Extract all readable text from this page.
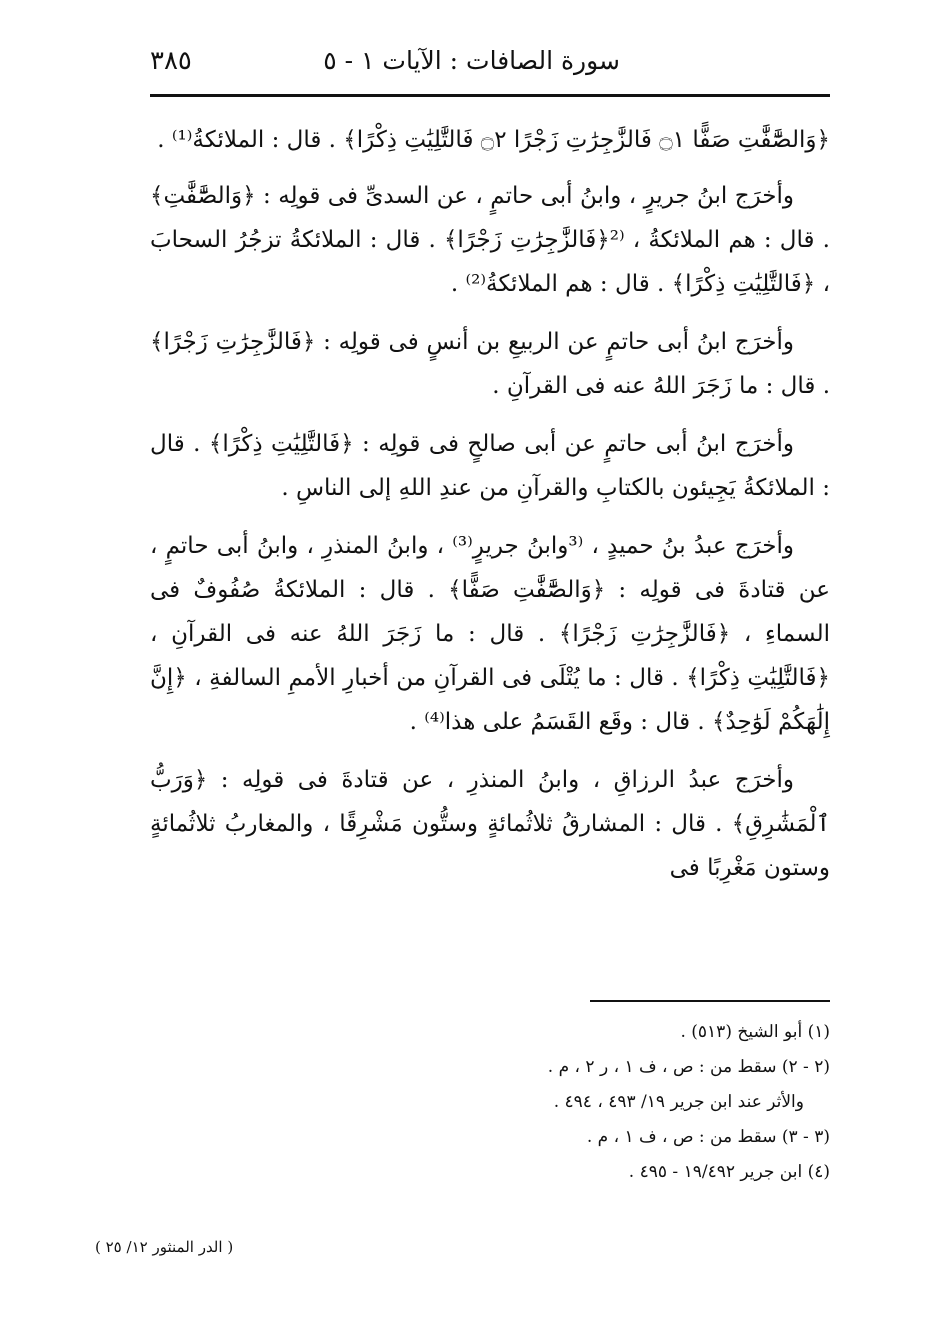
سورة الصافات : الآيات ١ - ٥
٣٨٥

﴿وَالصَّٰٓفَّٰتِ صَفًّا ۝١ فَالزَّٰجِرَٰتِ زَجْرًا ۝٢ فَالتَّٰلِيَٰتِ ذِكْرًا﴾ . قال : الملائكةُ⁽¹⁾ .

وأخرَج ابنُ جريرٍ ، وابنُ أبى حاتمٍ ، عن السدىِّ فى قولِه : ﴿وَالصَّٰٓفَّٰتِ﴾ . قال : هم الملائكةُ ، ⁽²﴿فَالزَّٰجِرَٰتِ زَجْرًا﴾ . قال : الملائكةُ تزجُرُ السحابَ ، ﴿فَالتَّٰلِيَٰتِ ذِكْرًا﴾ . قال : هم الملائكةُ⁽²⁾ .

وأخرَج ابنُ أبى حاتمٍ عن الربيعِ بن أنسٍ فى قولِه : ﴿فَالزَّٰجِرَٰتِ زَجْرًا﴾ . قال : ما زَجَرَ اللهُ عنه فى القرآنِ .

وأخرَج ابنُ أبى حاتمٍ عن أبى صالحٍ فى قولِه : ﴿فَالتَّٰلِيَٰتِ ذِكْرًا﴾ . قال : الملائكةُ يَجِيئون بالكتابِ والقرآنِ من عندِ اللهِ إلى الناسِ .

وأخرَج عبدُ بنُ حميدٍ ، ⁽³وابنُ جريرٍ⁽³⁾ ، وابنُ المنذرِ ، وابنُ أبى حاتمٍ ، عن قتادةَ فى قولِه : ﴿وَالصَّٰٓفَّٰتِ صَفًّا﴾ . قال : الملائكةُ صُفُوفٌ فى السماءِ ، ﴿فَالزَّٰجِرَٰتِ زَجْرًا﴾ . قال : ما زَجَرَ اللهُ عنه فى القرآنِ ، ﴿فَالتَّٰلِيَٰتِ ذِكْرًا﴾ . قال : ما يُتْلَى فى القرآنِ من أخبارِ الأممِ السالفةِ ، ﴿إِنَّ إِلَٰهَكُمْ لَوَٰحِدٌ﴾ . قال : وقَع القَسَمُ على هذا⁽⁴⁾ .

وأخرَج عبدُ الرزاقِ ، وابنُ المنذرِ ، عن قتادةَ فى قولِه : ﴿وَرَبُّ ٱلْمَشَٰرِقِ﴾ . قال : المشارقُ ثلاثُمائةٍ وستُّون مَشْرِقًا ، والمغاربُ ثلاثُمائةٍ وستون مَغْرِبًا فى

(١) أبو الشيخ (٥١٣) .
(٢ - ٢) سقط من : ص ، ف ١ ، ر ٢ ، م .
والأثر عند ابن جرير ١٩/ ٤٩٣ ، ٤٩٤ .
(٣ - ٣) سقط من : ص ، ف ١ ، م .
(٤) ابن جرير ١٩/٤٩٢ - ٤٩٥ .
( الدر المنثور ١٢/ ٢٥ )
